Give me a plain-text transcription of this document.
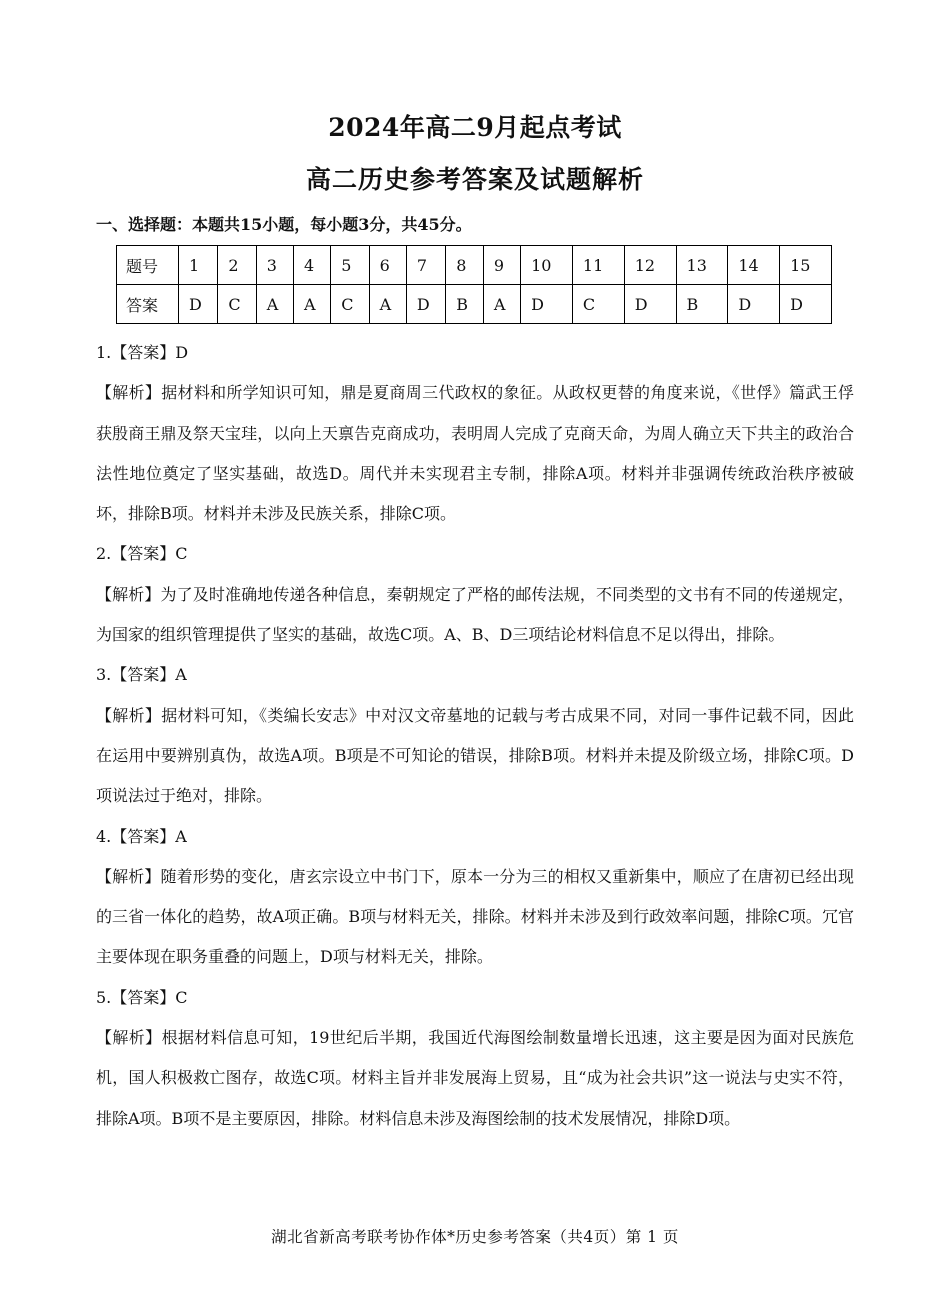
2024年高二9月起点考试
高二历史参考答案及试题解析
一、选择题：本题共15小题，每小题3分，共45分。
题号	1	2	3	4	5	6	7	8	9	10	11	12	13	14	15
答案	D	C	A	A	C	A	D	B	A	D	C	D	B	D	D

1.【答案】D

【解析】据材料和所学知识可知，鼎是夏商周三代政权的象征。从政权更替的角度来说，《世俘》篇武王俘获殷商王鼎及祭天宝珪，以向上天禀告克商成功，表明周人完成了克商天命，为周人确立天下共主的政治合法性地位奠定了坚实基础，故选D。周代并未实现君主专制，排除A项。材料并非强调传统政治秩序被破坏，排除B项。材料并未涉及民族关系，排除C项。

2.【答案】C

【解析】为了及时准确地传递各种信息，秦朝规定了严格的邮传法规，不同类型的文书有不同的传递规定，为国家的组织管理提供了坚实的基础，故选C项。A、B、D三项结论材料信息不足以得出，排除。

3.【答案】A

【解析】据材料可知，《类编长安志》中对汉文帝墓地的记载与考古成果不同，对同一事件记载不同，因此在运用中要辨别真伪，故选A项。B项是不可知论的错误，排除B项。材料并未提及阶级立场，排除C项。D项说法过于绝对，排除。

4.【答案】A

【解析】随着形势的变化，唐玄宗设立中书门下，原本一分为三的相权又重新集中，顺应了在唐初已经出现的三省一体化的趋势，故A项正确。B项与材料无关，排除。材料并未涉及到行政效率问题，排除C项。冗官主要体现在职务重叠的问题上，D项与材料无关，排除。

5.【答案】C

【解析】根据材料信息可知，19世纪后半期，我国近代海图绘制数量增长迅速，这主要是因为面对民族危机，国人积极救亡图存，故选C项。材料主旨并非发展海上贸易，且“成为社会共识”这一说法与史实不符，排除A项。B项不是主要原因，排除。材料信息未涉及海图绘制的技术发展情况，排除D项。

湖北省新高考联考协作体*历史参考答案（共4页）第 1 页
